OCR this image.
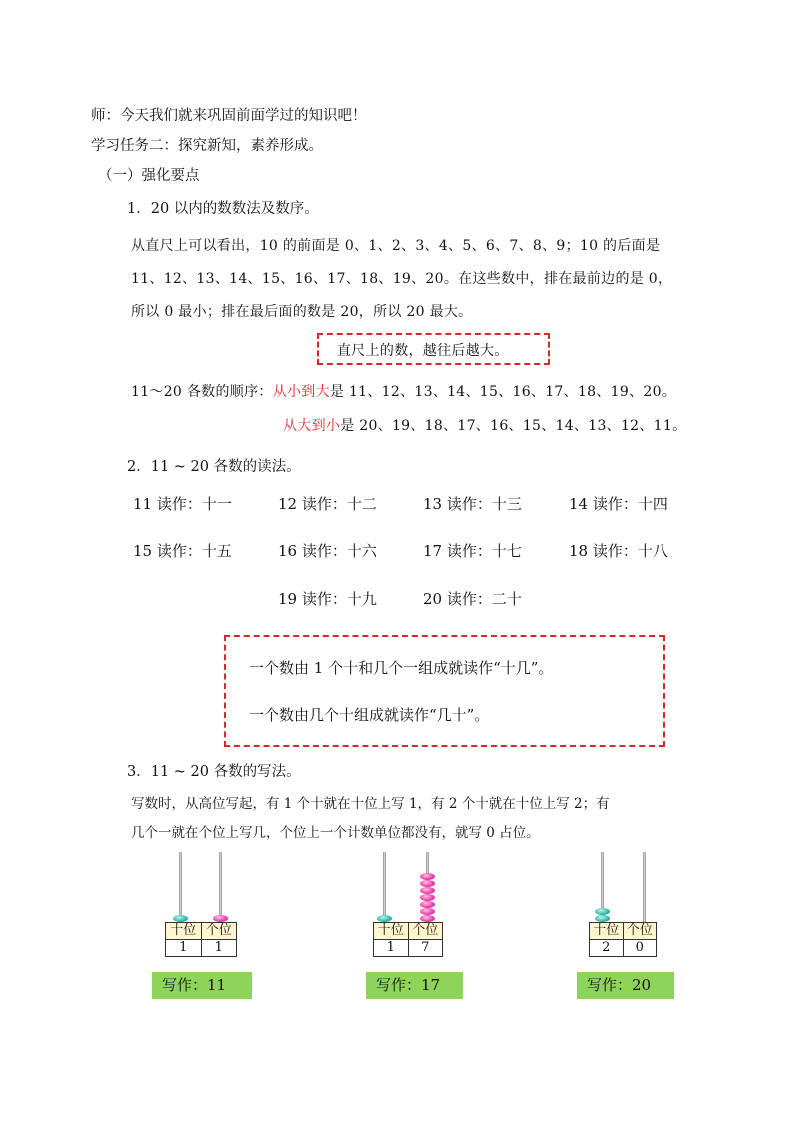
师：今天我们就来巩固前面学过的知识吧！
学习任务二：探究新知，素养形成。
（一）强化要点
1．20 以内的数数法及数序。
从直尺上可以看出，10 的前面是 0、1、2、3、4、5、6、7、8、9；10 的后面是
11、12、13、14、15、16、17、18、19、20。在这些数中，排在最前边的是 0，
所以 0 最小；排在最后面的数是 20，所以 20 最大。
直尺上的数，越往后越大。
11～20 各数的顺序：从小到大是 11、12、13、14、15、16、17、18、19、20。
从大到小是 20、19、18、17、16、15、14、13、12、11。
2．11 ~ 20 各数的读法。
11 读作：十一	12 读作：十二	13 读作：十三	14 读作：十四
15 读作：十五	16 读作：十六	17 读作：十七	18 读作：十八
19 读作：十九	20 读作：二十
一个数由 1 个十和几个一组成就读作“十几”。
一个数由几个十组成就读作“几十”。
3．11 ~ 20 各数的写法。
写数时，从高位写起，有 1 个十就在十位上写 1，有 2 个十就在十位上写 2；有
几个一就在个位上写几，个位上一个计数单位都没有，就写 0 占位。
十位	个位
1	1
写作：11
十位	个位
1	7
写作：17
十位	个位
2	0
写作：20
